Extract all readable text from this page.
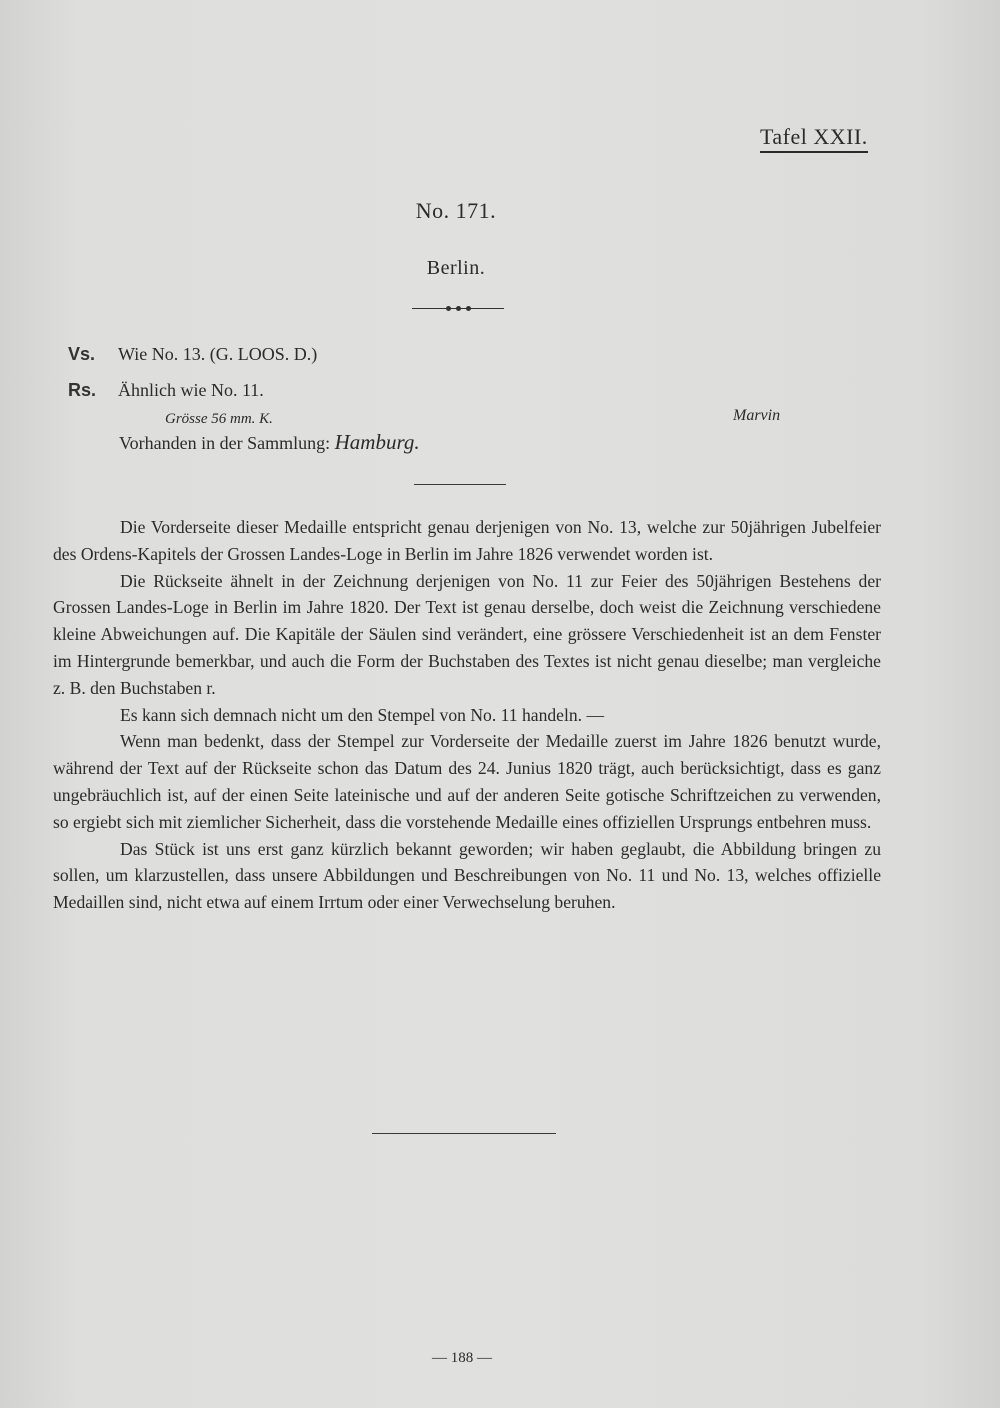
Tafel XXII.
No. 171.
Berlin.
Vs. Wie No. 13. (G. LOOS. D.)
Rs. Ähnlich wie No. 11.
Grösse 56 mm. K.	Marvin
Vorhanden in der Sammlung: Hamburg.

Die Vorderseite dieser Medaille entspricht genau derjenigen von No. 13, welche zur 50jährigen Jubelfeier des Ordens-Kapitels der Grossen Landes-Loge in Berlin im Jahre 1826 verwendet worden ist.

Die Rückseite ähnelt in der Zeichnung derjenigen von No. 11 zur Feier des 50jährigen Bestehens der Grossen Landes-Loge in Berlin im Jahre 1820. Der Text ist genau derselbe, doch weist die Zeichnung verschiedene kleine Abweichungen auf. Die Kapitäle der Säulen sind verändert, eine grössere Verschiedenheit ist an dem Fenster im Hintergrunde bemerkbar, und auch die Form der Buchstaben des Textes ist nicht genau dieselbe; man vergleiche z. B. den Buchstaben r.

Es kann sich demnach nicht um den Stempel von No. 11 handeln. —

Wenn man bedenkt, dass der Stempel zur Vorderseite der Medaille zuerst im Jahre 1826 benutzt wurde, während der Text auf der Rückseite schon das Datum des 24. Junius 1820 trägt, auch berücksichtigt, dass es ganz ungebräuchlich ist, auf der einen Seite lateinische und auf der anderen Seite gotische Schriftzeichen zu verwenden, so ergiebt sich mit ziemlicher Sicherheit, dass die vorstehende Medaille eines offiziellen Ursprungs entbehren muss.

Das Stück ist uns erst ganz kürzlich bekannt geworden; wir haben geglaubt, die Abbildung bringen zu sollen, um klarzustellen, dass unsere Abbildungen und Beschreibungen von No. 11 und No. 13, welches offizielle Medaillen sind, nicht etwa auf einem Irrtum oder einer Verwechselung beruhen.

— 188 —
